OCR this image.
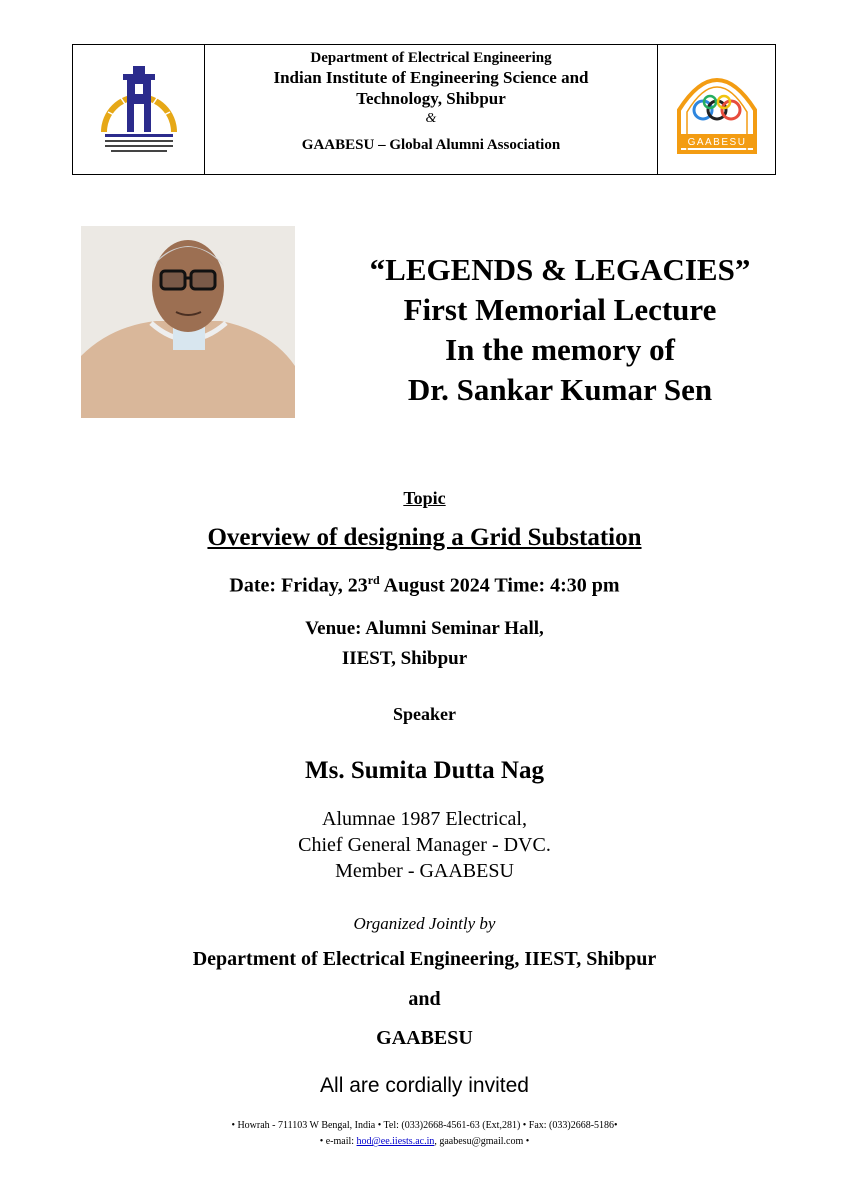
Department of Electrical Engineering
Indian Institute of Engineering Science and
Technology, Shibpur
&
GAABESU – Global Alumni Association	GAABESU
“LEGENDS & LEGACIES”
First Memorial Lecture
In the memory of
Dr. Sankar Kumar Sen
Topic
Overview of designing a Grid Substation
Date: Friday, 23rd August 2024 Time: 4:30 pm
Venue: Alumni Seminar Hall,
IIEST, Shibpur
Speaker
Ms. Sumita Dutta Nag
Alumnae 1987 Electrical,
Chief General Manager - DVC.
Member - GAABESU
Organized Jointly by
Department of Electrical Engineering, IIEST, Shibpur
and
GAABESU
All are cordially invited
• Howrah - 711103 W Bengal, India • Tel: (033)2668-4561-63 (Ext,281) • Fax: (033)2668-5186•
• e-mail: hod@ee.iiests.ac.in, gaabesu@gmail.com •
